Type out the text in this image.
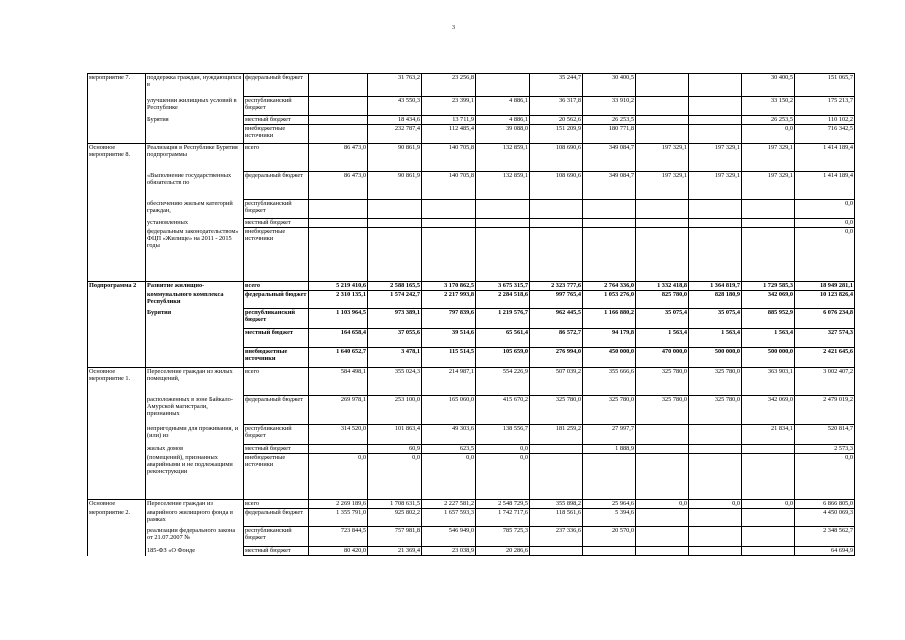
3
мероприятие 7.	поддержка граждан, нуждающихся в	федеральный бюджет		31 763,2	23 256,8		35 244,7	30 400,5			30 400,5	151 065,7
	улучшении жилищных условий в Республике	республиканский бюджет		43 550,3	23 399,1	4 886,1	36 317,8	33 910,2			33 150,2	175 213,7
	Бурятия	местный бюджет		18 434,6	13 711,9	4 886,1	20 562,6	26 253,5			26 253,5	110 102,2
		внебюджетные источники		232 787,4	112 485,4	39 088,0	151 209,9	180 771,8			0,0	716 342,5
Основное мероприятие 8.	Реализация в Республике Бурятия подпрограммы	всего	86 473,0	90 861,9	140 705,8	132 859,1	108 690,6	349 084,7	197 329,1	197 329,1	197 329,1	1 414 189,4
	«Выполнение государственных обязательств по	федеральный бюджет	86 473,0	90 861,9	140 705,8	132 859,1	108 690,6	349 084,7	197 329,1	197 329,1	197 329,1	1 414 189,4
	обеспечению жильем категорий граждан,	республиканский бюджет										0,0
	установленных	местный бюджет										0,0
	федеральным законодательством» ФЦП «Жилище» на 2011 - 2015 годы	внебюджетные источники										0,0
Подпрограмма 2	Развитие жилищно-	всего	5 219 410,6	2 588 165,5	3 170 862,5	3 675 315,7	2 323 777,6	2 764 336,0	1 332 418,8	1 364 819,7	1 729 585,3	18 949 281,1
	коммунального комплекса Республики	федеральный бюджет	2 310 135,1	1 574 242,7	2 217 993,8	2 284 518,6	997 765,4	1 053 276,0	825 780,0	828 180,9	342 069,0	10 123 826,4
	Бурятия	республиканский бюджет	1 103 964,5	973 389,1	797 839,6	1 219 576,7	962 445,5	1 166 880,2	35 075,4	35 075,4	885 952,9	6 076 234,8
		местный бюджет	164 658,4	37 055,6	39 514,6	65 561,4	86 572,7	94 179,8	1 563,4	1 563,4	1 563,4	327 574,3
		внебюджетные источники	1 640 652,7	3 478,1	115 514,5	105 659,0	276 994,0	450 000,0	470 000,0	500 000,0	500 000,0	2 421 645,6
Основное мероприятие 1.	Переселение граждан из жилых помещений,	всего	584 498,1	355 024,3	214 987,1	554 226,9	507 039,2	355 666,6	325 780,0	325 780,0	363 903,1	3 002 407,2
	расположенных в зоне Байкало-Амурской магистрали, признанных	федеральный бюджет	269 978,1	253 100,0	165 060,0	415 670,2	325 780,0	325 780,0	325 780,0	325 780,0	342 069,0	2 479 019,2
	непригодными для проживания, и (или) из	республиканский бюджет	314 520,0	101 863,4	49 303,6	138 556,7	181 259,2	27 997,7			21 834,1	520 814,7
	жилых домов	местный бюджет		60,9	623,5	0,0		1 888,9				2 573,3
	(помещений), признанных аварийными и не подлежащими реконструкции	внебюджетные источники	0,0	0,0	0,0	0,0						0,0
Основное	Переселение граждан из	всего	2 269 189,6	1 708 631,5	2 227 581,2	2 548 729,5	355 898,2	25 964,6	0,0	0,0	0,0	6 866 805,0
мероприятие 2.	аварийного жилищного фонда в рамках	федеральный бюджет	1 355 791,0	925 802,2	1 657 593,3	1 742 717,6	118 561,6	5 394,6				4 450 069,3
	реализации федерального закона от 21.07.2007 №	республиканский бюджет	723 844,5	757 981,8	546 949,0	785 725,3	237 336,6	20 570,0				2 348 562,7
	185-ФЗ «О Фонде	местный бюджет	80 420,0	21 369,4	23 038,9	20 286,6						64 694,9
